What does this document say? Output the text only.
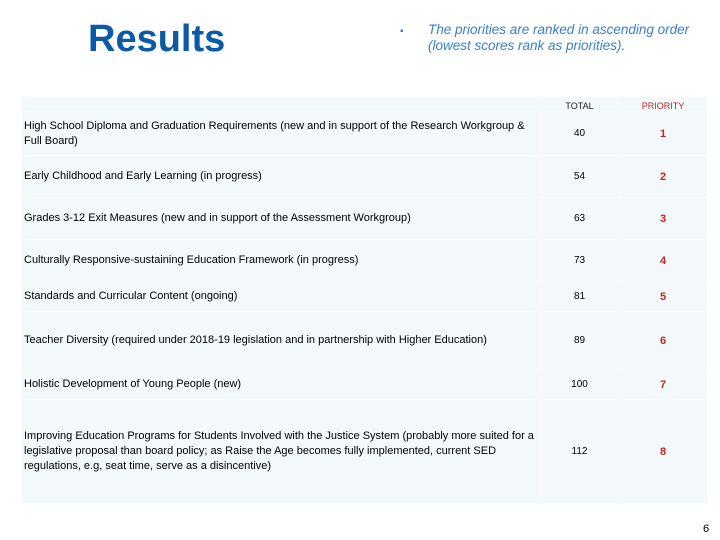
Results	▪	The priorities are ranked in ascending order (lowest scores rank as priorities).
	TOTAL	PRIORITY
High School Diploma and Graduation Requirements (new and in support of the Research Workgroup & Full Board)	40	1
Early Childhood and Early Learning (in progress)	54	2
Grades 3-12 Exit Measures (new and in support of the Assessment Workgroup)	63	3
Culturally Responsive-sustaining Education Framework (in progress)	73	4
Standards and Curricular Content (ongoing)	81	5
Teacher Diversity (required under 2018-19 legislation and in partnership with Higher Education)	89	6
Holistic Development of Young People (new)	100	7
Improving Education Programs for Students Involved with the Justice System (probably more suited for a legislative proposal than board policy; as Raise the Age becomes fully implemented, current SED regulations, e.g, seat time, serve as a disincentive)	112	8
6
